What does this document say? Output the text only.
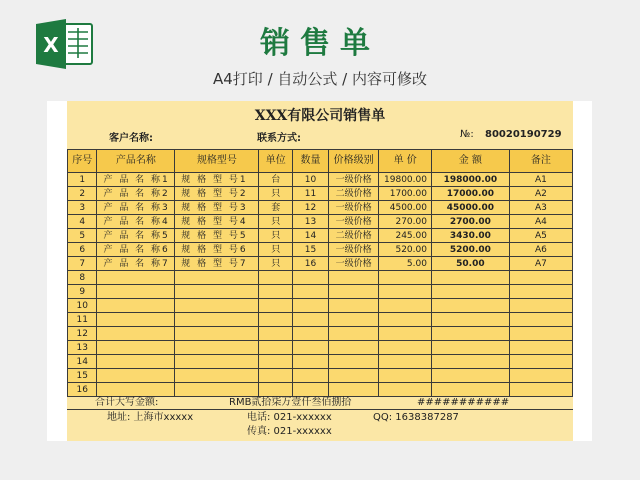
X	销售单
A4打印 / 自动公式 / 内容可修改
XXX有限公司销售单
客户名称:	联系方式:	№: 80020190729
序号	产品名称	规格型号	单位	数量	价格级别	单 价	金 额	备注
1	产 品 名 称1	规 格 型 号1	台	10	一级价格	19800.00	198000.00	A1
2	产 品 名 称2	规 格 型 号2	只	11	二级价格	1700.00	17000.00	A2
3	产 品 名 称3	规 格 型 号3	套	12	一级价格	4500.00	45000.00	A3
4	产 品 名 称4	规 格 型 号4	只	13	一级价格	270.00	2700.00	A4
5	产 品 名 称5	规 格 型 号5	只	14	二级价格	245.00	3430.00	A5
6	产 品 名 称6	规 格 型 号6	只	15	一级价格	520.00	5200.00	A6
7	产 品 名 称7	规 格 型 号7	只	16	一级价格	5.00	50.00	A7
8								
9								
10								
11								
12								
13								
14								
15								
16								
合计大写金额:	RMB贰拾柒万壹仟叁佰捌拾	###########
地址: 上海市xxxxx	电话: 021-xxxxxx	QQ: 1638387287
传真: 021-xxxxxx
